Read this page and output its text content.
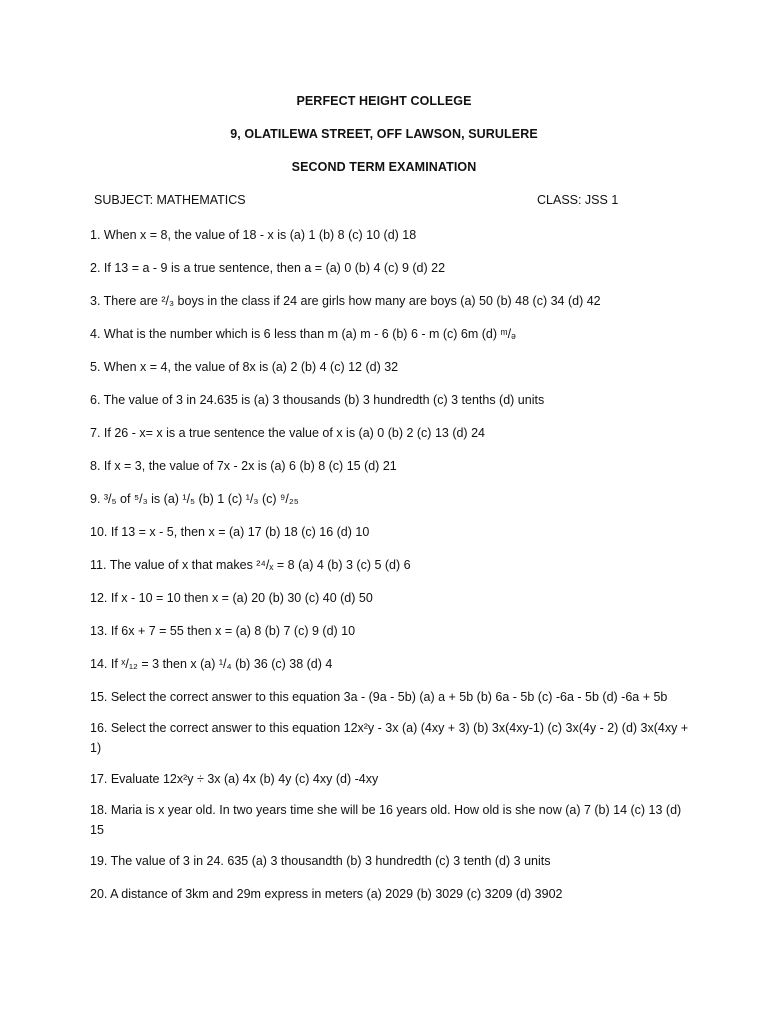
PERFECT HEIGHT COLLEGE
9, OLATILEWA STREET, OFF LAWSON, SURULERE
SECOND TERM EXAMINATION
SUBJECT: MATHEMATICS	CLASS: JSS 1
1. When x = 8, the value of 18 - x is (a) 1 (b) 8 (c) 10 (d) 18
2. If 13 = a - 9 is a true sentence, then a = (a) 0 (b) 4 (c) 9 (d) 22
3. There are ²/₃ boys in the class if 24 are girls how many are boys (a) 50 (b) 48 (c) 34 (d) 42
4. What is the number which is 6 less than m (a) m - 6 (b) 6 - m (c) 6m (d) ᵐ/ₔ
5. When x = 4, the value of 8x is (a) 2 (b) 4 (c) 12 (d) 32
6. The value of 3 in 24.635 is (a) 3 thousands (b) 3 hundredth (c) 3 tenths (d) units
7. If 26 - x= x is a true sentence the value of x is (a) 0 (b) 2 (c) 13 (d) 24
8. If x = 3, the value of 7x - 2x is (a) 6 (b) 8 (c) 15 (d) 21
9. ³/₅ of ⁵/₃ is (a) ¹/₅ (b) 1 (c) ¹/₃ (c) ⁹/₂₅
10. If 13 = x - 5, then x = (a) 17 (b) 18 (c) 16 (d) 10
11. The value of x that makes ²⁴/ₓ = 8 (a) 4 (b) 3 (c) 5 (d) 6
12. If x - 10 = 10 then x = (a) 20 (b) 30 (c) 40 (d) 50
13. If 6x + 7 = 55 then x = (a) 8 (b) 7 (c) 9 (d) 10
14. If ˣ/₁₂ = 3 then x (a) ¹/₄ (b) 36 (c) 38 (d) 4
15. Select the correct answer to this equation 3a - (9a - 5b) (a) a + 5b (b) 6a - 5b (c) -6a - 5b (d) -6a + 5b
16. Select the correct answer to this equation 12x²y - 3x (a) (4xy + 3) (b) 3x(4xy-1) (c) 3x(4y - 2) (d) 3x(4xy + 1)
17. Evaluate 12x²y ÷ 3x (a) 4x (b) 4y (c) 4xy (d) -4xy
18. Maria is x year old. In two years time she will be 16 years old. How old is she now (a) 7 (b) 14 (c) 13 (d) 15
19. The value of 3 in 24. 635 (a) 3 thousandth (b) 3 hundredth (c) 3 tenth (d) 3 units
20. A distance of 3km and 29m express in meters (a) 2029 (b) 3029 (c) 3209 (d) 3902
